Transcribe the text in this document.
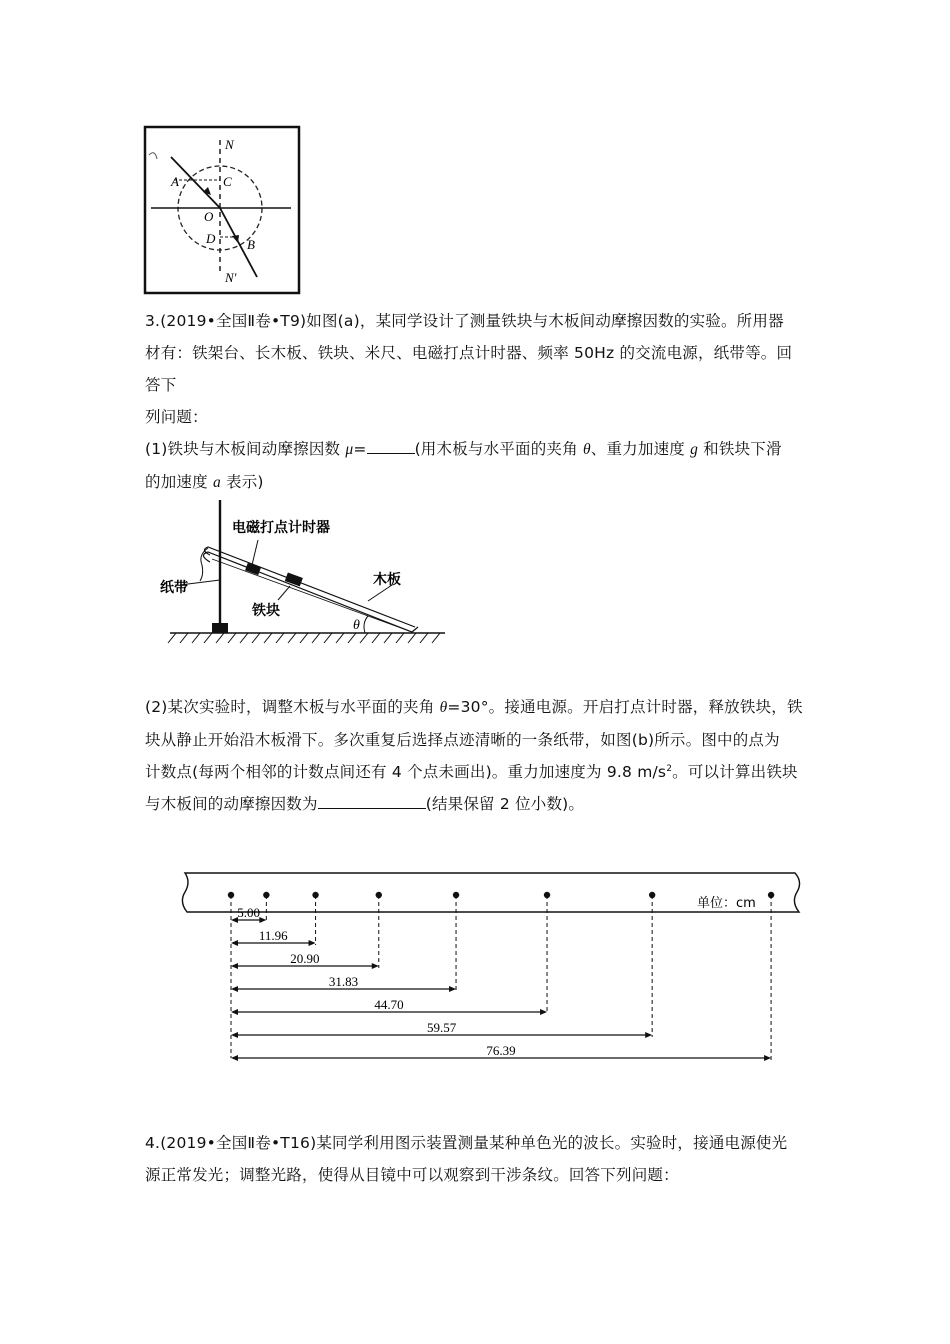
N
A	C
O
D B
N′
3.(2019•全国Ⅱ卷•T9)如图(a)，某同学设计了测量铁块与木板间动摩擦因数的实验。所用器
材有：铁架台、长木板、铁块、米尺、电磁打点计时器、频率 50Hz 的交流电源，纸带等。回答下
列问题：
(1)铁块与木板间动摩擦因数 μ=	(用木板与水平面的夹角 θ、重力加速度 g 和铁块下滑
的加速度 a 表示)
电磁打点计时器
纸带	木板
铁块
θ
(2)某次实验时，调整木板与水平面的夹角 θ=30°。接通电源。开启打点计时器，释放铁块，铁
块从静止开始沿木板滑下。多次重复后选择点迹清晰的一条纸带，如图(b)所示。图中的点为
计数点(每两个相邻的计数点间还有 4 个点未画出)。重力加速度为 9.8 $m/s^2$。可以计算出铁块
与木板间的动摩擦因数为	(结果保留 2 位小数)。
单位：cm
5.00
11.96
20.90
31.83
44.70
59.57
76.39
4.(2019•全国Ⅱ卷•T16)某同学利用图示装置测量某种单色光的波长。实验时，接通电源使光
源正常发光；调整光路，使得从目镜中可以观察到干涉条纹。回答下列问题：
